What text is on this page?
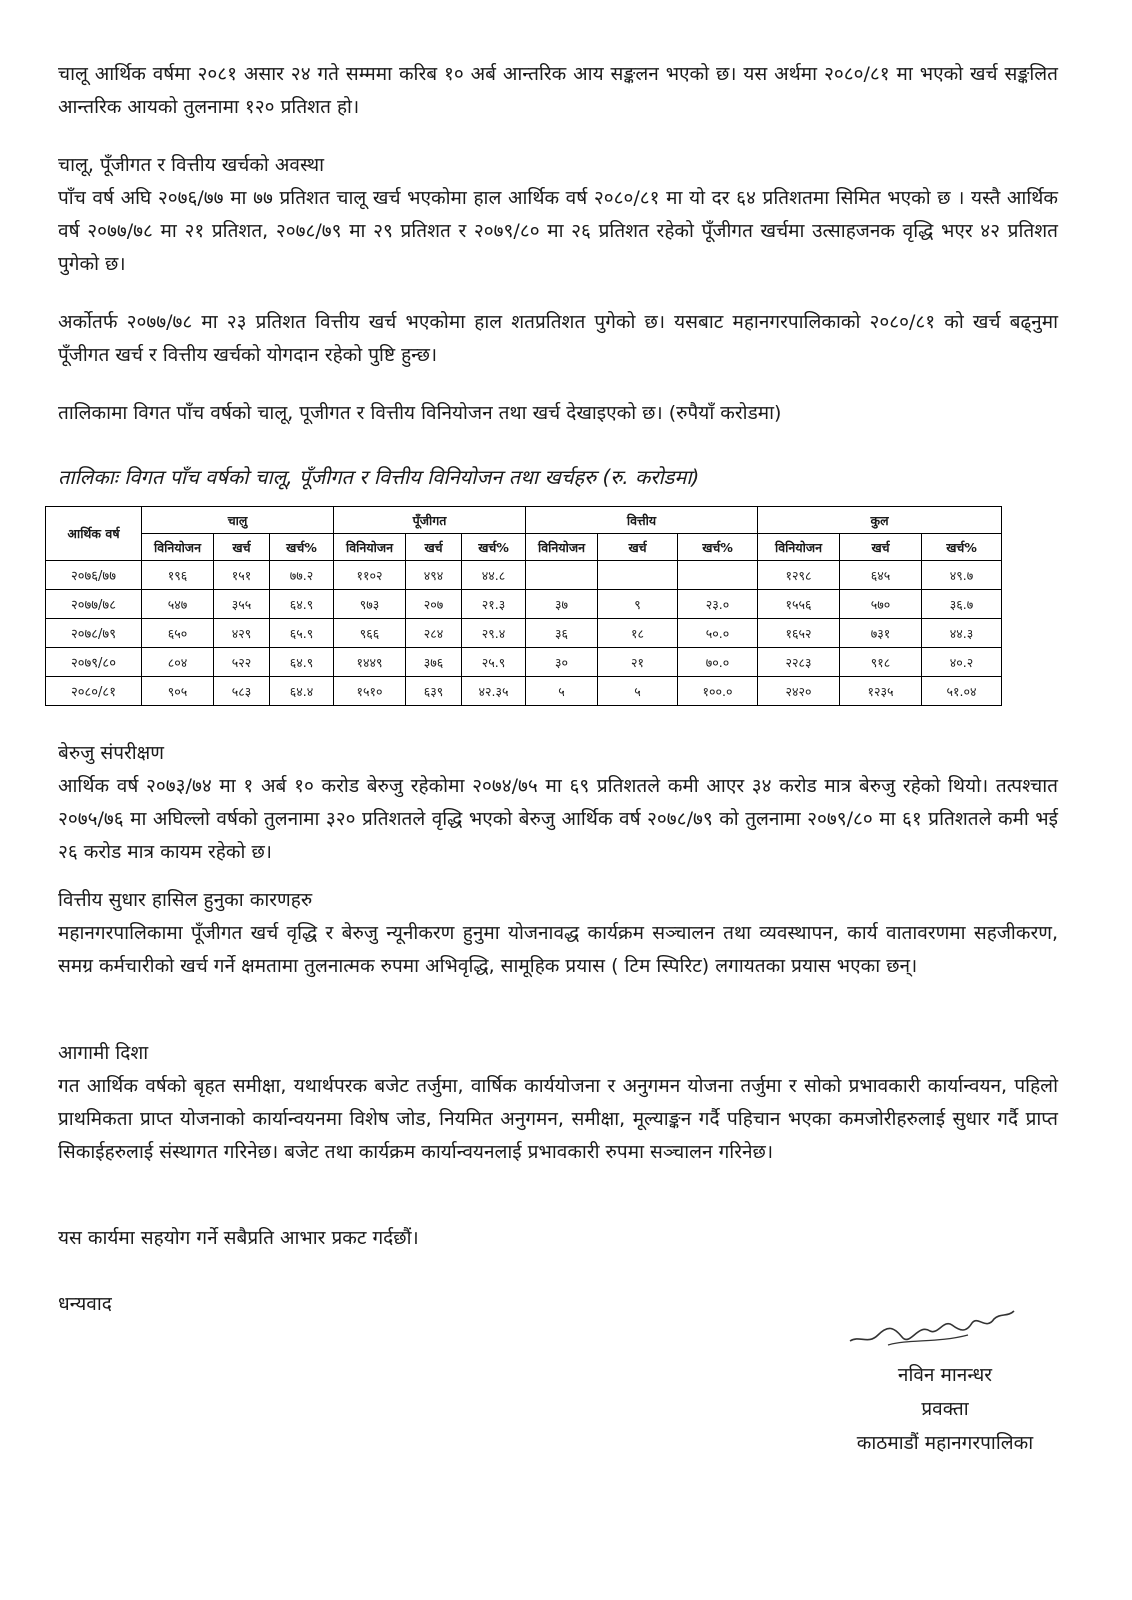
चालू आर्थिक वर्षमा २०८१ असार २४ गते सम्ममा करिब १० अर्ब आन्तरिक आय सङ्कलन भएको छ। यस अर्थमा २०८०/८१ मा भएको खर्च सङ्कलित आन्तरिक आयको तुलनामा १२० प्रतिशत हो।

चालू, पूँजीगत र वित्तीय खर्चको अवस्था

पाँच वर्ष अघि २०७६/७७ मा ७७ प्रतिशत चालू खर्च भएकोमा हाल आर्थिक वर्ष २०८०/८१ मा यो दर ६४ प्रतिशतमा सिमित भएको छ । यस्तै आर्थिक वर्ष २०७७/७८ मा २१ प्रतिशत, २०७८/७९ मा २९ प्रतिशत र २०७९/८० मा २६ प्रतिशत रहेको पूँजीगत खर्चमा उत्साहजनक वृद्धि भएर ४२ प्रतिशत पुगेको छ।

अर्कोतर्फ २०७७/७८ मा २३ प्रतिशत वित्तीय खर्च भएकोमा हाल शतप्रतिशत पुगेको छ। यसबाट महानगरपालिकाको २०८०/८१ को खर्च बढ्नुमा पूँजीगत खर्च र वित्तीय खर्चको योगदान रहेको पुष्टि हुन्छ।

तालिकामा विगत पाँच वर्षको चालू, पूजीगत र वित्तीय विनियोजन तथा खर्च देखाइएको छ। (रुपैयाँ करोडमा)

तालिकाः विगत पाँच वर्षको चालू, पूँजीगत र वित्तीय विनियोजन तथा खर्चहरु (रु. करोडमा)

आर्थिक वर्ष	चालु			पूँजीगत			वित्तीय			कुल		
	विनियोजन	खर्च	खर्च%	विनियोजन	खर्च	खर्च%	विनियोजन	खर्च	खर्च%	विनियोजन	खर्च	खर्च%
२०७६/७७	१९६	१५१	७७.२	११०२	४९४	४४.८				१२९८	६४५	४९.७
२०७७/७८	५४७	३५५	६४.९	९७३	२०७	२१.३	३७	९	२३.०	१५५६	५७०	३६.७
२०७८/७९	६५०	४२९	६५.९	९६६	२८४	२९.४	३६	१८	५०.०	१६५२	७३१	४४.३
२०७९/८०	८०४	५२२	६४.९	१४४९	३७६	२५.९	३०	२१	७०.०	२२८३	९१८	४०.२
२०८०/८१	९०५	५८३	६४.४	१५१०	६३९	४२.३५	५	५	१००.०	२४२०	१२३५	५१.०४

बेरुजु संपरीक्षण

आर्थिक वर्ष २०७३/७४ मा १ अर्ब १० करोड बेरुजु रहेकोमा २०७४/७५ मा ६९ प्रतिशतले कमी आएर ३४ करोड मात्र बेरुजु रहेको थियो। तत्पश्चात २०७५/७६ मा अघिल्लो वर्षको तुलनामा ३२० प्रतिशतले वृद्धि भएको बेरुजु आर्थिक वर्ष २०७८/७९ को तुलनामा २०७९/८० मा ६१ प्रतिशतले कमी भई २६ करोड मात्र कायम रहेको छ।

वित्तीय सुधार हासिल हुनुका कारणहरु

महानगरपालिकामा पूँजीगत खर्च वृद्धि र बेरुजु न्यूनीकरण हुनुमा योजनावद्ध कार्यक्रम सञ्चालन तथा व्यवस्थापन, कार्य वातावरणमा सहजीकरण, समग्र कर्मचारीको खर्च गर्ने क्षमतामा तुलनात्मक रुपमा अभिवृद्धि, सामूहिक प्रयास ( टिम स्पिरिट) लगायतका प्रयास भएका छन्।

आगामी दिशा

गत आर्थिक वर्षको बृहत समीक्षा, यथार्थपरक बजेट तर्जुमा, वार्षिक कार्ययोजना र अनुगमन योजना तर्जुमा र सोको प्रभावकारी कार्यान्वयन, पहिलो प्राथमिकता प्राप्त योजनाको कार्यान्वयनमा विशेष जोड, नियमित अनुगमन, समीक्षा, मूल्याङ्कन गर्दै पहिचान भएका कमजोरीहरुलाई सुधार गर्दै प्राप्त सिकाईहरुलाई संस्थागत गरिनेछ। बजेट तथा कार्यक्रम कार्यान्वयनलाई प्रभावकारी रुपमा सञ्चालन गरिनेछ।

यस कार्यमा सहयोग गर्ने सबैप्रति आभार प्रकट गर्दछौं।

धन्यवाद

नविन मानन्धर
प्रवक्ता
काठमाडौं महानगरपालिका
